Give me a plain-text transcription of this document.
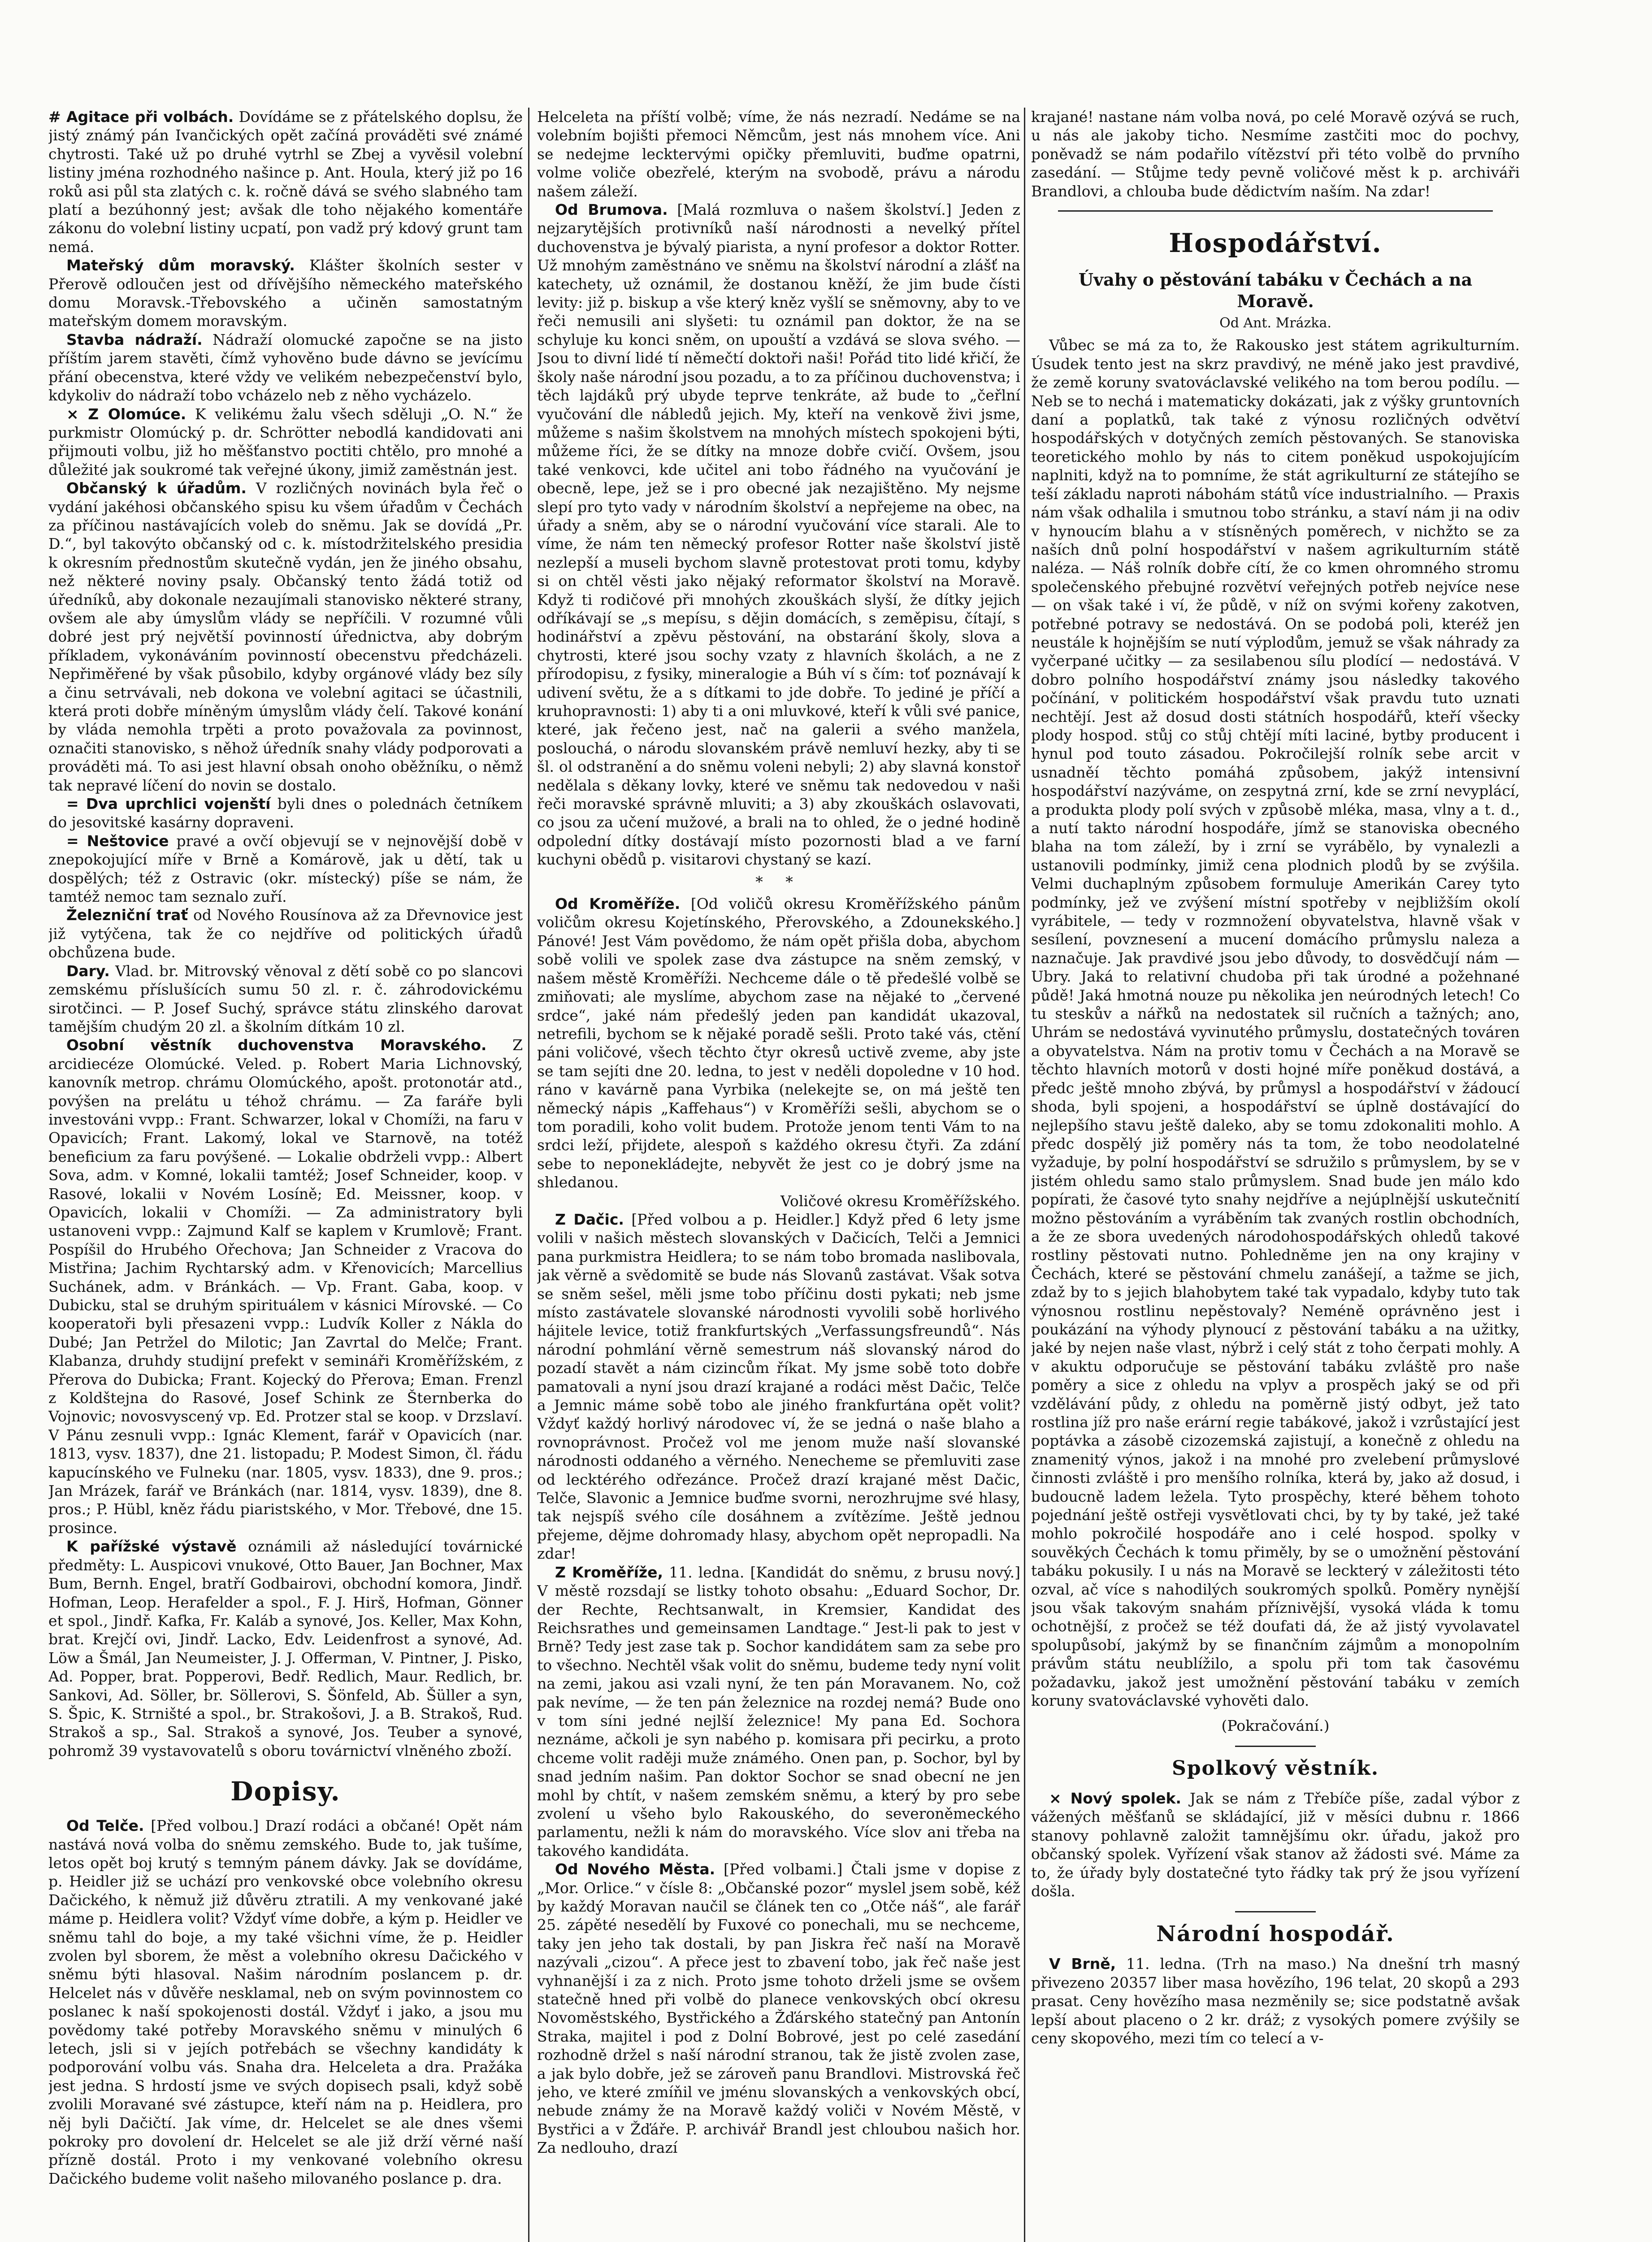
# Agitace při volbách. Dovídáme se z přátelského doplsu, že jistý známý pán Ivančických opět začíná prováděti své známé chytrosti. Také už po druhé vytrhl se Zbej a vyvěsil volební listiny jména rozhodného našince p. Ant. Houla, který již po 16 roků asi půl sta zlatých c. k. ročně dává se svého slabného tam platí a bezúhonný jest; avšak dle toho nějakého komentáře zákonu do volební listiny ucpatí, pon vadž prý kdový grunt tam nemá.

Mateřský dům moravský. Klášter školních sester v Přerově odloučen jest od dřívějšího německého mateřského domu Moravsk.-Třebovského a učiněn samostatným mateřským domem moravským.

Stavba nádraží. Nádraží olomucké započne se na jisto příštím jarem stavěti, čímž vyhověno bude dávno se jevícímu přání obecenstva, které vždy ve velikém nebezpečenství bylo, kdykoliv do nádraží tobo vcházelo neb z něho vycházelo.

× Z Olomúce. K velikému žalu všech sděluji „O. N.“ že purkmistr Olomúcký p. dr. Schrötter nebodlá kandidovati ani přijmouti volbu, již ho měšťanstvo poctiti chtělo, pro mnohé a důležité jak soukromé tak veřejné úkony, jimiž zaměstnán jest.

Občanský k úřadům. V rozličných novinách byla řeč o vydání jakéhosi občanského spisu ku všem úřadům v Čechách za příčinou nastávajících voleb do sněmu. Jak se dovídá „Pr. D.“, byl takovýto občanský od c. k. místodržitelského presidia k okresním přednostům skutečně vydán, jen že jiného obsahu, než některé noviny psaly. Občanský tento žádá totiž od úředníků, aby dokonale nezaujímali stanovisko některé strany, ovšem ale aby úmyslům vlády se nepříčili. V rozumné vůli dobré jest prý největší povinností úřednictva, aby dobrým příkladem, vykonáváním povinností obecenstvu předcházeli. Nepřiměřené by však působilo, kdyby orgánové vlády bez síly a činu setrvávali, neb dokona ve volební agitaci se účastnili, která proti dobře míněným úmyslům vlády čelí. Takové konání by vláda nemohla trpěti a proto považovala za povinnost, označiti stanovisko, s něhož úředník snahy vlády podporovati a prováděti má. To asi jest hlavní obsah onoho oběžníku, o němž tak nepravé líčení do novin se dostalo.

= Dva uprchlici vojenští byli dnes o polednách četníkem do jesovitské kasárny dopraveni.

= Neštovice pravé a ovčí objevují se v nejnovější době v znepokojující míře v Brně a Komárově, jak u dětí, tak u dospělých; též z Ostravic (okr. místecký) píše se nám, že tamtéž nemoc tam seznalo zuří.

Železniční trať od Nového Rousínova až za Dřevnovice jest již vytýčena, tak že co nejdříve od politických úřadů obchůzena bude.

Dary. Vlad. br. Mitrovský věnoval z dětí sobě co po slancovi zemskému příslušících sumu 50 zl. r. č. záhrodovickému sirotčinci. — P. Josef Suchý, správce státu zlinského darovat tamějším chudým 20 zl. a školním dítkám 10 zl.

Osobní věstník duchovenstva Moravského. Z arcidiecéze Olomúcké. Veled. p. Robert Maria Lichnovský, kanovník metrop. chrámu Olomúckého, apošt. protonotár atd., povýšen na prelátu u téhož chrámu. — Za faráře byli investováni vvpp.: Frant. Schwarzer, lokal v Chomíži, na faru v Opavicích; Frant. Lakomý, lokal ve Starnově, na totéž beneficium za faru povýšené. — Lokalie obdrželi vvpp.: Albert Sova, adm. v Komné, lokalii tamtéž; Josef Schneider, koop. v Rasové, lokalii v Novém Losíně; Ed. Meissner, koop. v Opavicích, lokalii v Chomíži. — Za administratory byli ustanoveni vvpp.: Zajmund Kalf se kaplem v Krumlově; Frant. Pospíšil do Hrubého Ořechova; Jan Schneider z Vracova do Mistřina; Jachim Rychtarský adm. v Křenovicích; Marcellius Suchánek, adm. v Bránkách. — Vp. Frant. Gaba, koop. v Dubicku, stal se druhým spirituálem v kásnici Mírovské. — Co kooperatoři byli přesazeni vvpp.: Ludvík Koller z Nákla do Dubé; Jan Petržel do Milotic; Jan Zavrtal do Melče; Frant. Klabanza, druhdy studijní prefekt v semináři Kroměřížském, z Přerova do Dubicka; Frant. Kojecký do Přerova; Eman. Frenzl z Koldštejna do Rasové, Josef Schink ze Šternberka do Vojnovic; novosvyscený vp. Ed. Protzer stal se koop. v Drzslaví. V Pánu zesnuli vvpp.: Ignác Klement, farář v Opavicích (nar. 1813, vysv. 1837), dne 21. listopadu; P. Modest Simon, čl. řádu kapucínského ve Fulneku (nar. 1805, vysv. 1833), dne 9. pros.; Jan Mrázek, farář ve Bránkách (nar. 1814, vysv. 1839), dne 8. pros.; P. Hübl, kněz řádu piaristského, v Mor. Třebové, dne 15. prosince.

K pařížské výstavě oznámili až následující továrnické předměty: L. Auspicovi vnukové, Otto Bauer, Jan Bochner, Max Bum, Bernh. Engel, bratří Godbairovi, obchodní komora, Jindř. Hofman, Leop. Herafelder a spol., F. J. Hirš, Hofman, Gönner et spol., Jindř. Kafka, Fr. Kaláb a synové, Jos. Keller, Max Kohn, brat. Krejčí ovi, Jindř. Lacko, Edv. Leidenfrost a synové, Ad. Löw a Šmál, Jan Neumeister, J. J. Offerman, V. Pintner, J. Pisko, Ad. Popper, brat. Popperovi, Bedř. Redlich, Maur. Redlich, br. Sankovi, Ad. Söller, br. Söllerovi, S. Šönfeld, Ab. Šüller a syn, S. Špic, K. Strništé a spol., br. Strakošovi, J. a B. Strakoš, Rud. Strakoš a sp., Sal. Strakoš a synové, Jos. Teuber a synové, pohromž 39 vystavovatelů s oboru továrnictví vlněného zboží.

Dopisy.

Od Telče. [Před volbou.] Drazí rodáci a občané! Opět nám nastává nová volba do sněmu zemského. Bude to, jak tušíme, letos opět boj krutý s temným pánem dávky. Jak se dovídáme, p. Heidler již se uchází pro venkovské obce volebního okresu Dačického, k němuž již důvěru ztratili. A my venkované jaké máme p. Heidlera volit? Vždyť víme dobře, a kým p. Heidler ve sněmu tahl do boje, a my také všichni víme, že p. Heidler zvolen byl sborem, že měst a volebního okresu Dačického v sněmu býti hlasoval. Našim národním poslancem p. dr. Helcelet nás v důvěře nesklamal, neb on svým povinnostem co poslanec k naší spokojenosti dostál. Vždyť i jako, a jsou mu povědomy také potřeby Moravského sněmu v minulých 6 letech, jsli si v jejích potřebách se všechny kandidáty k podporování volbu vás. Snaha dra. Helceleta a dra. Pražáka jest jedna. S hrdostí jsme ve svých dopisech psali, když sobě zvolili Moravané své zástupce, kteří nám na p. Heidlera, pro něj byli Dačičtí. Jak víme, dr. Helcelet se ale dnes všemi pokroky pro dovolení dr. Helcelet se ale již drží věrné naší přízně dostál. Proto i my venkované volebního okresu Dačického budeme volit našeho milovaného poslance p. dra.

Helceleta na příští volbě; víme, že nás nezradí. Nedáme se na volebním bojišti přemoci Němcům, jest nás mnohem více. Ani se nedejme lecktervými opičky přemluviti, buďme opatrni, volme voliče obezřelé, kterým na svobodě, právu a národu našem záleží.

Od Brumova. [Malá rozmluva o našem školství.] Jeden z nejzarytějších protivníků naší národnosti a nevelký přítel duchovenstva je bývalý piarista, a nyní profesor a doktor Rotter. Už mnohým zaměstnáno ve sněmu na školství národní a zlášť na katechety, už oznámil, že dostanou kněží, že jim bude čísti levity: již p. biskup a vše který kněz vyšlí se sněmovny, aby to ve řeči nemusili ani slyšeti: tu oznámil pan doktor, že na se schyluje ku konci sněm, on upouští a vzdává se slova svého. — Jsou to divní lidé tí němečtí doktoři naši! Pořád tito lidé křičí, že školy naše národní jsou pozadu, a to za příčinou duchovenstva; i těch lajdáků prý ubyde teprve tenkráte, až bude to „čeřlní vyučování dle nábledů jejich. My, kteří na venkově živi jsme, můžeme s našim školstvem na mnohých místech spokojeni býti, můžeme říci, že se dítky na mnoze dobře cvičí. Ovšem, jsou také venkovci, kde učitel ani tobo řádného na vyučování je obecně, lepe, jež se i pro obecné jak nezajištěno. My nejsme slepí pro tyto vady v národním školství a nepřejeme na obec, na úřady a sněm, aby se o národní vyučování více starali. Ale to víme, že nám ten německý profesor Rotter naše školství jistě nezlepší a museli bychom slavně protestovat proti tomu, kdyby si on chtěl věsti jako nějaký reformator školství na Moravě. Když ti rodičové při mnohých zkouškách slyší, že dítky jejich odříkávají se „s mepísu, s dějin domácích, s zeměpisu, čítají, s hodinářství a zpěvu pěstování, na obstarání školy, slova a chytrosti, které jsou sochy vzaty z hlavních školách, a ne z přírodopisu, z fysiky, mineralogie a Búh ví s čím: toť poznávají k udivení světu, že a s dítkami to jde dobře. To jediné je příčí a kruhopravnosti: 1) aby ti a oni mluvkové, kteří k vůli své panice, které, jak řečeno jest, nač na galerii a svého manžela, poslouchá, o národu slovanském právě nemluví hezky, aby ti se šl. ol odstranění a do sněmu voleni nebyli; 2) aby slavná konstoř nedělala s děkany lovky, které ve sněmu tak nedovedou v naši řeči moravské správně mluviti; a 3) aby zkouškách oslavovati, co jsou za učení mužové, a brali na to ohled, že o jedné hodině odpolední dítky dostávají místo pozornosti blad a ve farní kuchyni obědů p. visitarovi chystaný se kazí.

* *

Od Kroměříže. [Od voličů okresu Kroměřížského pánům voličům okresu Kojetínského, Přerovského, a Zdounekského.] Pánové! Jest Vám povědomo, že nám opět přišla doba, abychom sobě volili ve spolek zase dva zástupce na sněm zemský, v našem městě Kroměříži. Nechceme dále o tě předešlé volbě se zmiňovati; ale myslíme, abychom zase na nějaké to „červené srdce“, jaké nám předešlý jeden pan kandidát ukazoval, netrefili, bychom se k nějaké poradě sešli. Proto také vás, ctění páni voličové, všech těchto čtyr okresů uctivě zveme, aby jste se tam sejíti dne 20. ledna, to jest v neděli dopoledne v 10 hod. ráno v kavárně pana Vyrbika (nelekejte se, on má ještě ten německý nápis „Kaffehaus“) v Kroměříži sešli, abychom se o tom poradili, koho volit budem. Protože jenom tenti Vám to na srdci leží, přijdete, alespoň s každého okresu čtyři. Za zdání sebe to neponekládejte, nebyvět že jest co je dobrý jsme na shledanou.

Voličové okresu Kroměřížského.

Z Dačic. [Před volbou a p. Heidler.] Když před 6 lety jsme volili v našich městech slovanských v Dačicích, Telči a Jemnici pana purkmistra Heidlera; to se nám tobo bromada naslibovala, jak věrně a svědomitě se bude nás Slovanů zastávat. Však sotva se sněm sešel, měli jsme tobo příčinu dosti pykati; neb jsme místo zastávatele slovanské národnosti vyvolili sobě horlivého hájitele levice, totiž frankfurtských „Verfassungsfreundů“. Nás národní pohmlání věrně semestrum náš slovanský národ do pozadí stavět a nám cizincům říkat. My jsme sobě toto dobře pamatovali a nyní jsou drazí krajané a rodáci měst Dačic, Telče a Jemnic máme sobě tobo ale jiného frankfurtána opět volit? Vždyť každý horlivý národovec ví, že se jedná o naše blaho a rovnoprávnost. Pročež vol me jenom muže naší slovanské národnosti oddaného a věrného. Nenecheme se přemluviti zase od lecktérého odřezánce. Pročež drazí krajané měst Dačic, Telče, Slavonic a Jemnice buďme svorni, nerozhrujme své hlasy, tak nejspíš svého cíle dosáhnem a zvítězíme. Ještě jednou přejeme, dějme dohromady hlasy, abychom opět nepropadli. Na zdar!

Z Kroměříže, 11. ledna. [Kandidát do sněmu, z brusu nový.] V městě rozsdají se listky tohoto obsahu: „Eduard Sochor, Dr. der Rechte, Rechtsanwalt, in Kremsier, Kandidat des Reichsrathes und gemeinsamen Landtage.“ Jest-li pak to jest v Brně? Tedy jest zase tak p. Sochor kandidátem sam za sebe pro to všechno. Nechtěl však volit do sněmu, budeme tedy nyní volit na zemi, jakou asi vzali nyní, že ten pán Moravanem. No, což pak nevíme, — že ten pán železnice na rozdej nemá? Bude ono v tom síni jedné nejlší železnice! My pana Ed. Sochora neznáme, ačkoli je syn nabého p. komisara při pecirku, a proto chceme volit raději muže známého. Onen pan, p. Sochor, byl by snad jedním našim. Pan doktor Sochor se snad obecní ne jen mohl by chtít, v našem zemském sněmu, a který by pro sebe zvolení u všeho bylo Rakouského, do severoněmeckého parlamentu, nežli k nám do moravského. Více slov ani třeba na takového kandidáta.

Od Nového Města. [Před volbami.] Čtali jsme v dopise z „Mor. Orlice.“ v čísle 8: „Občanské pozor“ myslel jsem sobě, kéž by každý Moravan naučil se článek ten co „Otče náš“, ale farář 25. zápěté nesedělí by Fuxové co ponechali, mu se nechceme, taky jen jeho tak dostali, by pan Jiskra řeč naší na Moravě nazývali „cizou“. A přece jest to zbavení tobo, jak řeč naše jest vyhnanější i za z nich. Proto jsme tohoto drželi jsme se ovšem statečně hned při volbě do planece venkovských obcí okresu Novoměstského, Bystřického a Žďárského statečný pan Antonín Straka, majitel i pod z Dolní Bobrové, jest po celé zasedání rozhodně držel s naší národní stranou, tak že jistě zvolen zase, a jak bylo dobře, jež se zároveň panu Brandlovi. Mistrovská řeč jeho, ve které zmíňil ve jménu slovanských a venkovských obcí, nebude známy že na Moravě každý voliči v Novém Městě, v Bystřici a v Žďáře. P. archivář Brandl jest chloubou našich hor. Za nedlouho, drazí

krajané! nastane nám volba nová, po celé Moravě ozývá se ruch, u nás ale jakoby ticho. Nesmíme zastčiti moc do pochvy, poněvadž se nám podařilo vítězství při této volbě do prvního zasedání. — Stůjme tedy pevně voličové měst k p. archiváři Brandlovi, a chlouba bude dědictvím naším. Na zdar!

Hospodářství.
Úvahy o pěstování tabáku v Čechách a na Moravě.
Od Ant. Mrázka.

Vůbec se má za to, že Rakousko jest státem agrikulturním. Úsudek tento jest na skrz pravdivý, ne méně jako jest pravdivé, že země koruny svatováclavské velikého na tom berou podílu. — Neb se to nechá i matematicky dokázati, jak z výšky gruntovních daní a poplatků, tak také z výnosu rozličných odvětví hospodářských v dotyčných zemích pěstovaných. Se stanoviska teoretického mohlo by nás to citem poněkud uspokojujícím naplniti, když na to pomníme, že stát agrikulturní ze státejího se teší základu naproti nábohám států více industrialního. — Praxis nám však odhalila i smutnou tobo stránku, a staví nám ji na odiv v hynoucím blahu a v stísněných poměrech, v nichžto se za naších dnů polní hospodářství v našem agrikulturním státě naléza. — Náš rolník dobře cítí, že co kmen ohromného stromu společenského přebujné rozvětví veřejných potřeb nejvíce nese — on však také i ví, že půdě, v níž on svými kořeny zakotven, potřebné potravy se nedostává. On se podobá poli, kteréž jen neustále k hojnějším se nutí výplodům, jemuž se však náhrady za vyčerpané učitky — za sesilabenou sílu plodící — nedostává. V dobro polního hospodářství známy jsou následky takového počínání, v politickém hospodářství však pravdu tuto uznati nechtějí. Jest až dosud dosti státních hospodářů, kteří všecky plody hospod. stůj co stůj chtějí míti laciné, bytby producent i hynul pod touto zásadou. Pokročilejší rolník sebe arcit v usnadněí těchto pomáhá způsobem, jakýž intensivní hospodářství nazýváme, on zespytná zrní, kde se zrní nevyplácí, a produkta plody polí svých v způsobě mléka, masa, vlny a t. d., a nutí takto národní hospodáře, jímž se stanoviska obecného blaha na tom záleží, by i zrní se vyrábělo, by vynalezli a ustanovili podmínky, jimiž cena plodnich plodů by se zvýšila. Velmi duchaplným způsobem formuluje Amerikán Carey tyto podmínky, jež ve zvýšení místní spotřeby v nejbližším okolí vyrábitele, — tedy v rozmnožení obyvatelstva, hlavně však v sesílení, povznesení a mucení domácího průmyslu naleza a naznačuje. Jak pravdivé jsou jebo důvody, to dosvědčují nám — Ubry. Jaká to relativní chudoba při tak úrodné a požehnané půdě! Jaká hmotná nouze pu několika jen neúrodných letech! Co tu steskův a nářků na nedostatek sil ručních a tažných; ano, Uhrám se nedostává vyvinutého průmyslu, dostatečných továren a obyvatelstva. Nám na protiv tomu v Čechách a na Moravě se těchto hlavních motorů v dosti hojné míře poněkud dostává, a předc ještě mnoho zbývá, by průmysl a hospodářství v žádoucí shoda, byli spojeni, a hospodářství se úplně dostávající do nejlepšího stavu ještě daleko, aby se tomu zdokonaliti mohlo. A předc dospělý již poměry nás ta tom, že tobo neodolatelné vyžaduje, by polní hospodářství se sdružilo s průmyslem, by se v jistém ohledu samo stalo průmyslem. Snad bude jen málo kdo popírati, že časové tyto snahy nejdříve a nejúplnější uskutečnití možno pěstováním a vyráběním tak zvaných rostlin obchodních, a že ze sbora uvedených národohospodářských ohledů takové rostliny pěstovati nutno. Pohledněme jen na ony krajiny v Čechách, které se pěstování chmelu zanášejí, a tažme se jich, zdaž by to s jejich blahobytem také tak vypadalo, kdyby tuto tak výnosnou rostlinu nepěstovaly? Neméně oprávněno jest i poukázání na výhody plynoucí z pěstování tabáku a na užitky, jaké by nejen naše vlast, nýbrž i celý stát z toho čerpati mohly. A v akuktu odporučuje se pěstování tabáku zvláště pro naše poměry a sice z ohledu na vplyv a prospěch jaký se od při vzdělávání půdy, z ohledu na poměrně jistý odbyt, jež tato rostlina jíž pro naše erární regie tabákové, jakož i vzrůstající jest poptávka a zásobě cizozemská zajistují, a konečně z ohledu na znamenitý výnos, jakož i na mnohé pro zvelebení průmyslové činnosti zvláště i pro menšího rolníka, která by, jako až dosud, i budoucně ladem ležela. Tyto prospěchy, které během tohoto pojednání ještě ostřeji vysvětlovati chci, by ty by také, jež také mohlo pokročilé hospodáře ano i celé hospod. spolky v souvěkých Čechách k tomu přiměly, by se o umožnění pěstování tabáku pokusily. I u nás na Moravě se leckterý v záležitosti této ozval, ač více s nahodilých soukromých spolků. Poměry nynější jsou však takovým snahám příznivější, vysoká vláda k tomu ochotnější, z pročež se též doufati dá, že až jistý vyvolavatel spolupůsobí, jakýmž by se finančním zájmům a monopolním právům státu neublížilo, a spolu při tom tak časovému požadavku, jakož jest umožnění pěstování tabáku v zemích koruny svatováclavské vyhověti dalo.

(Pokračování.)
Spolkový věstník.

× Nový spolek. Jak se nám z Třebíče píše, zadal výbor z vážených měšťanů se skládající, již v měsíci dubnu r. 1866 stanovy pohlavně založit tamnějšímu okr. úřadu, jakož pro občanský spolek. Vyřízení však stanov až žádosti své. Máme za to, že úřady byly dostatečné tyto řádky tak prý že jsou vyřízení došla.

Národní hospodář.

V Brně, 11. ledna. (Trh na maso.) Na dnešní trh masný přivezeno 20357 liber masa hovězího, 196 telat, 20 skopů a 293 prasat. Ceny hovězího masa nezměnily se; sice podstatně avšak lepší about placeno o 2 kr. dráž; z vysokých pomere zvýšily se ceny skopového, mezi tím co telecí a v-
